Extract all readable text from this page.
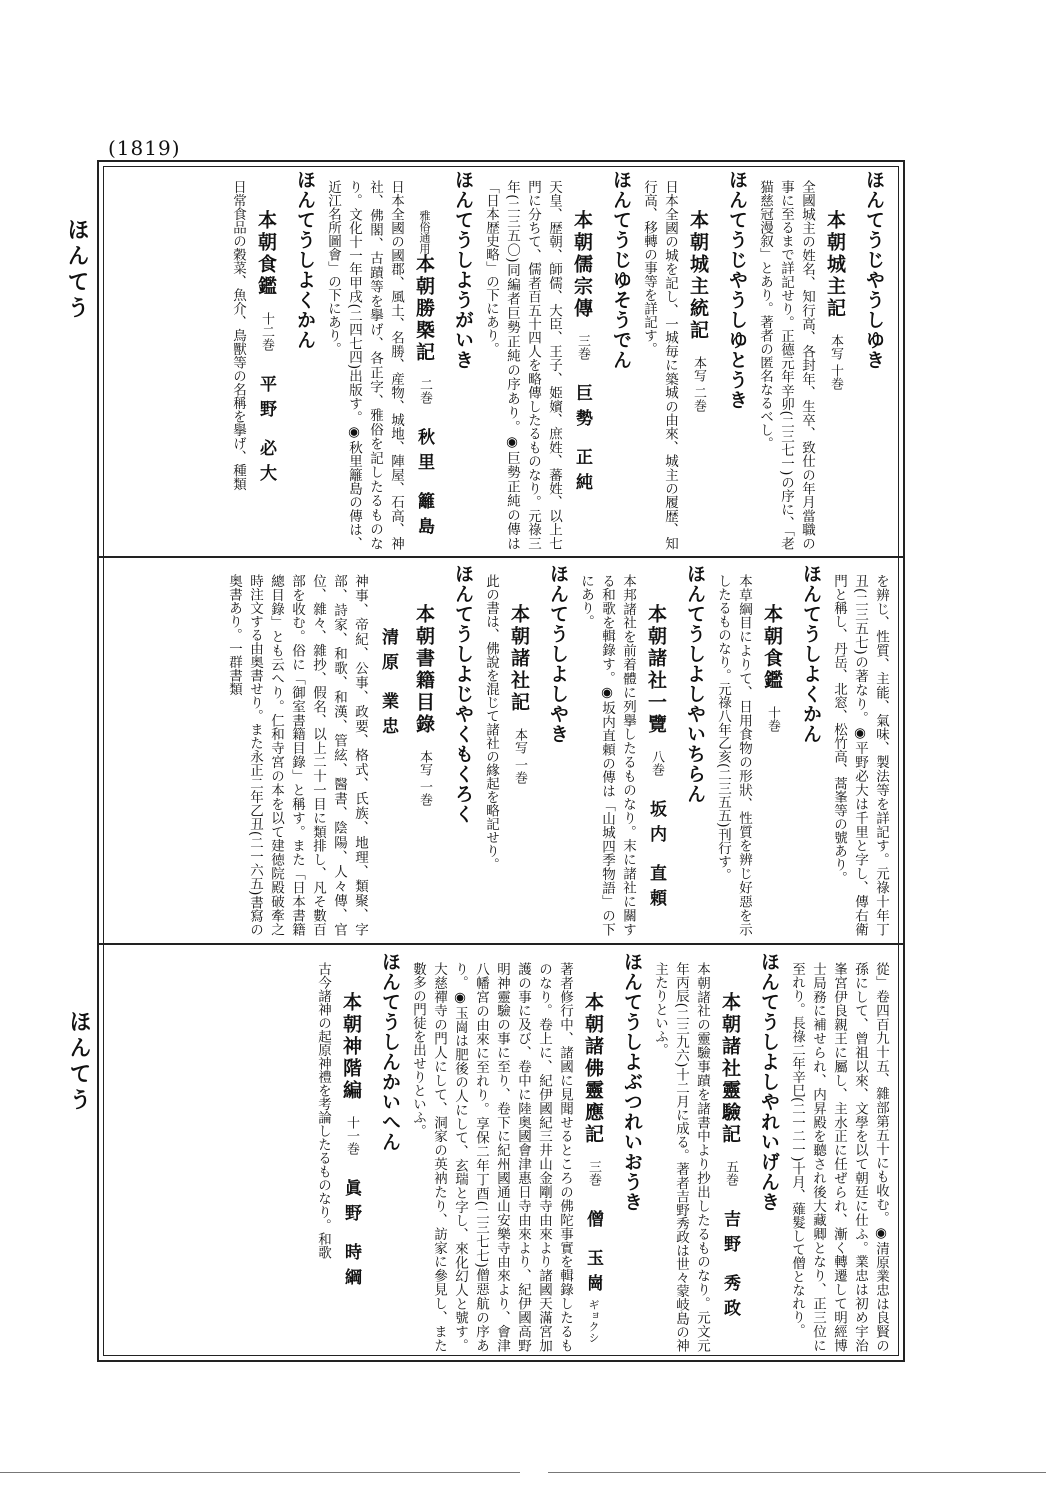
(1819)
ほんてう
ほんてう
ほんてうじやうしゆき
本朝城主記本写 十巻
全國城主の姓名、知行高、各封年、生卒、致仕の年月當職の事に至るまで詳記せり。正德元年辛卯(二三七一)の序に、「老猫慈冠漫叙」とあり。著者の匿名なるべし。
ほんてうじやうしゆとうき
本朝城主統記本写 二巻
日本全國の城を記し、一城毎に築城の由來、城主の履歴、知行高、移轉の事等を詳記す。
ほんてうじゆそうでん
本朝儒宗傳三巻巨勢 正純
天皇、歴朝、師儒、大臣、王子、姫嬪、庶姓、蕃姓、以上七門に分ちて、儒者百五十四人を略傳したるものなり。元祿三年(二三五〇)同編者巨勢正純の序あり。◉巨勢正純の傳は「日本歴史略」の下にあり。
ほんてうしようがいき
雅俗通用本朝勝槩記二巻秋里 籬島
日本全國の國郡、風土、名勝、産物、城地、陣屋、石高、神社、佛閣、古蹟等を擧げ、各正字、雅俗を記したるものなり。文化十一年甲戌(二四七四)出版す。◉秋里籬島の傳は、近江名所圖會」の下にあり。
ほんてうしよくかん
本朝食鑑十二巻平野 必大
日常食品の穀菜、魚介、鳥獸等の名稱を擧げ、種類
を辨じ、性質、主能、氣味、製法等を詳記す。元祿十年丁丑(二三五七)の著なり。◉平野必大は千里と字し、傳右衛門と稱し、丹岳、北窓、松竹高、蒿峯等の號あり。
ほんてうしよくかん
本朝食鑑十巻
本草綱目によりて、日用食物の形狀、性質を辨じ好惡を示したるものなり。元祿八年乙亥(二三五五)刊行す。
ほんてうしよしやいちらん
本朝諸社一覽八巻坂内 直頼
本邦諸社を前着體に列擧したるものなり。末に諸社に關する和歌を輯錄す。◉坂内直頼の傳は「山城四季物語」の下にあり。
ほんてうしよしやき
本朝諸社記本写 一巻
此の書は、佛說を混じて諸社の緣起を略記せり。
ほんてうしよじやくもくろく
本朝書籍目錄本写 一巻清原 業忠
神事、帝紀、公事、政要、格式、氏族、地理、類聚、字部、詩家、和歌、和漢、管絃、醫書、陰陽、人々傳、官位、雜々、雜抄、假名、以上二十一目に類排し、凡そ數百部を收む。俗に「御室書籍目錄」と稱す。また「日本書籍總目錄」とも云へり。仁和寺宮の本を以て建徳院殿破牽之時注文する由奥書せり。また永正二年乙丑(二一六五)書寫の奥書あり。一群書類
從」卷四百九十五、雜部第五十にも收む。◉清原業忠は良賢の孫にして、曾祖以來、文學を以て朝廷に仕ふ。業忠は初め宇治峯宮伊良親王に屬し、主水正に任ぜられ、漸く轉遷して明經博士局務に補せられ、内昇殿を聽され後大藏卿となり、正三位に至れり。長祿二年辛巳(二一二一)十月、薙髮して僧となれり。
ほんてうしよしやれいげんき
本朝諸社靈驗記五巻吉野 秀政
本朝諸社の靈驗事蹟を諸書中より抄出したるものなり。元文元年丙辰(二三九六)十二月に成る。著者吉野秀政は世々蒙岐島の神主たりといふ。
ほんてうしよぶつれいおうき
本朝諸佛靈應記三巻僧 玉崗ギョクシ
著者修行中、諸國に見聞せるところの佛陀事實を輯錄したるものなり。卷上に、紀伊國紀三井山金剛寺由來より諸國天滿宮加護の事に及び、卷中に陸奥國會津惠日寺由來より、紀伊國高野明神靈驗の事に至り、卷下に紀州國通山安樂寺由來より、會津八幡宮の由來に至れり。享保二年丁酉(二三七七)僧惡航の序あり。◉玉崗は肥後の人にして、玄瑞と字し、來化幻人と號す。大慈禪寺の門人にして、洞家の英衲たり、訪家に參見し、また數多の門徒を出せりといふ。
ほんてうしんかいへん
本朝神階編十一巻眞野 時綱
古今諸神の起原神禮を考論したるものなり。和歌
